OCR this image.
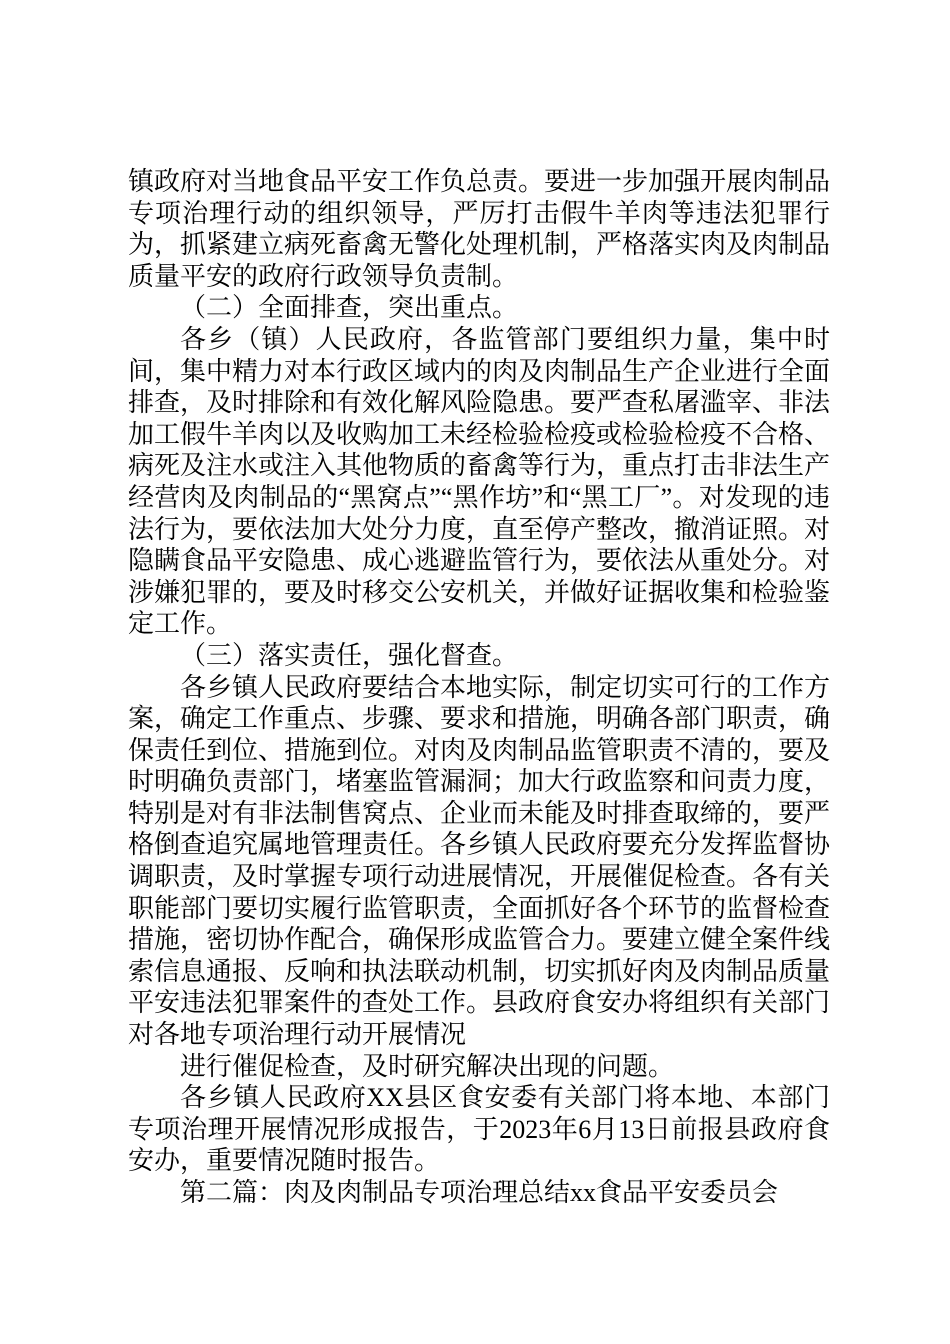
镇政府对当地食品平安工作负总责。要进一步加强开展肉制品专项治理行动的组织领导，严厉打击假牛羊肉等违法犯罪行为，抓紧建立病死畜禽无警化处理机制，严格落实肉及肉制品质量平安的政府行政领导负责制。

（二）全面排查，突出重点。

各乡（镇）人民政府，各监管部门要组织力量，集中时间，集中精力对本行政区域内的肉及肉制品生产企业进行全面排查，及时排除和有效化解风险隐患。要严查私屠滥宰、非法加工假牛羊肉以及收购加工未经检验检疫或检验检疫不合格、病死及注水或注入其他物质的畜禽等行为，重点打击非法生产经营肉及肉制品的“黑窝点”“黑作坊”和“黑工厂”。对发现的违法行为，要依法加大处分力度，直至停产整改，撤消证照。对隐瞒食品平安隐患、成心逃避监管行为，要依法从重处分。对涉嫌犯罪的，要及时移交公安机关，并做好证据收集和检验鉴定工作。

（三）落实责任，强化督查。

各乡镇人民政府要结合本地实际，制定切实可行的工作方案，确定工作重点、步骤、要求和措施，明确各部门职责，确保责任到位、措施到位。对肉及肉制品监管职责不清的，要及时明确负责部门，堵塞监管漏洞；加大行政监察和问责力度，特别是对有非法制售窝点、企业而未能及时排查取缔的，要严格倒查追究属地管理责任。各乡镇人民政府要充分发挥监督协调职责，及时掌握专项行动进展情况，开展催促检查。各有关职能部门要切实履行监管职责，全面抓好各个环节的监督检查措施，密切协作配合，确保形成监管合力。要建立健全案件线索信息通报、反响和执法联动机制，切实抓好肉及肉制品质量平安违法犯罪案件的查处工作。县政府食安办将组织有关部门对各地专项治理行动开展情况

进行催促检查，及时研究解决出现的问题。

各乡镇人民政府XX县区食安委有关部门将本地、本部门专项治理开展情况形成报告，于2023年6月13日前报县政府食安办，重要情况随时报告。

第二篇：肉及肉制品专项治理总结xx食品平安委员会
